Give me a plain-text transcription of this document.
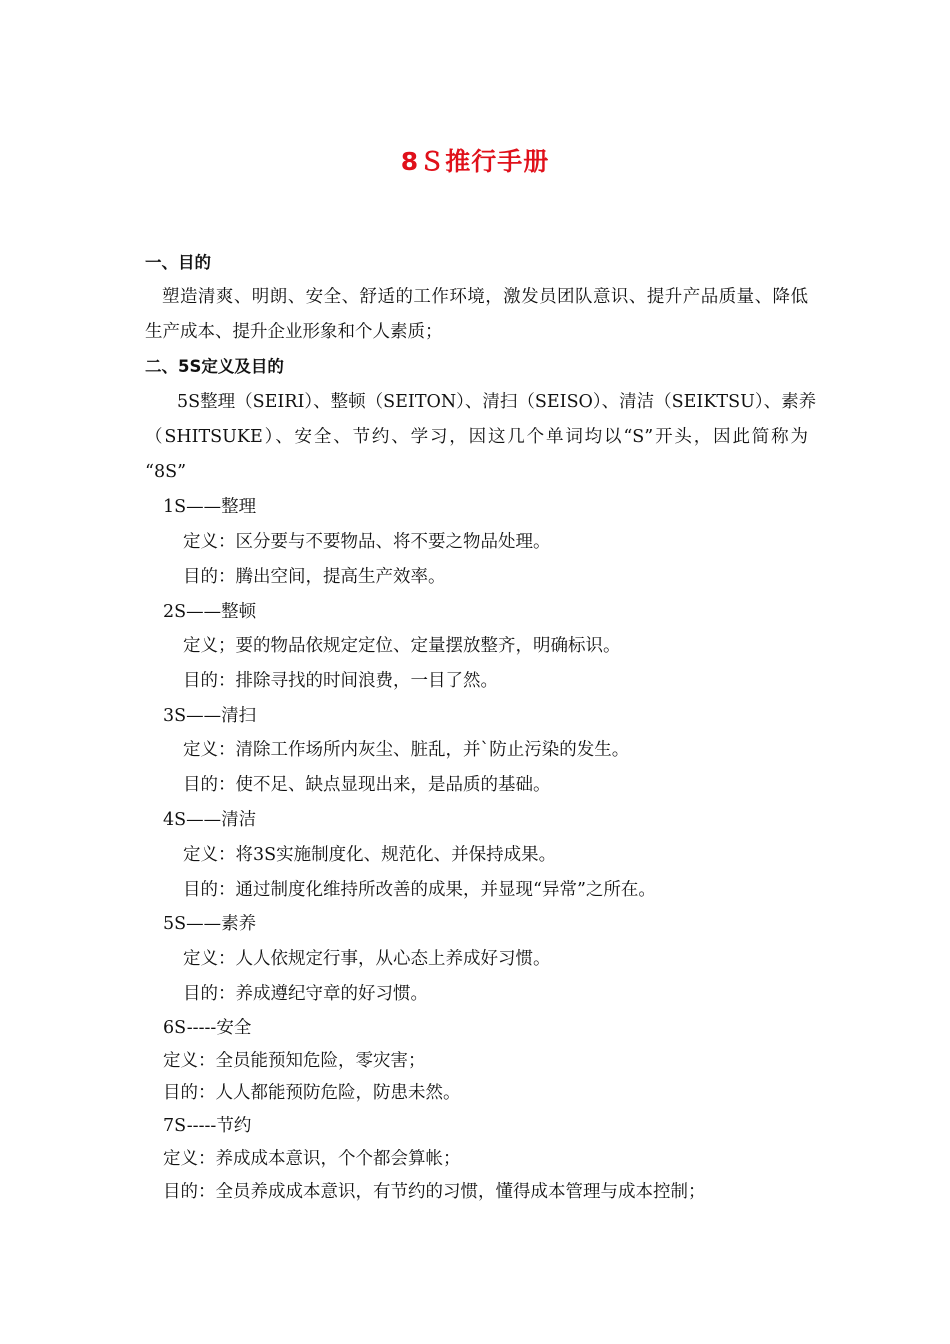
8Ｓ推行手册
一、目的
塑造清爽、明朗、安全、舒适的工作环境，激发员团队意识、提升产品质量、降低
生产成本、提升企业形象和个人素质；
二、5S定义及目的
5S整理（SEIRI）、整顿（SEITON）、清扫（SEISO）、清洁（SEIKTSU）、素养
（SHITSUKE）、安全、节约、学习，因这几个单词均以“S”开头，因此简称为
“8S”
1S——整理
定义：区分要与不要物品、将不要之物品处理。
目的：腾出空间，提高生产效率。
2S——整顿
定义；要的物品依规定定位、定量摆放整齐，明确标识。
目的：排除寻找的时间浪费，一目了然。
3S——清扫
定义：清除工作场所内灰尘、脏乱，并`防止污染的发生。
目的：使不足、缺点显现出来，是品质的基础。
4S——清洁
定义：将3S实施制度化、规范化、并保持成果。
目的：通过制度化维持所改善的成果，并显现“异常”之所在。
5S——素养
定义：人人依规定行事，从心态上养成好习惯。
目的：养成遵纪守章的好习惯。
6S-----安全
定义：全员能预知危险，零灾害；
目的：人人都能预防危险，防患未然。
7S-----节约
定义：养成成本意识，个个都会算帐；
目的：全员养成成本意识，有节约的习惯，懂得成本管理与成本控制；
